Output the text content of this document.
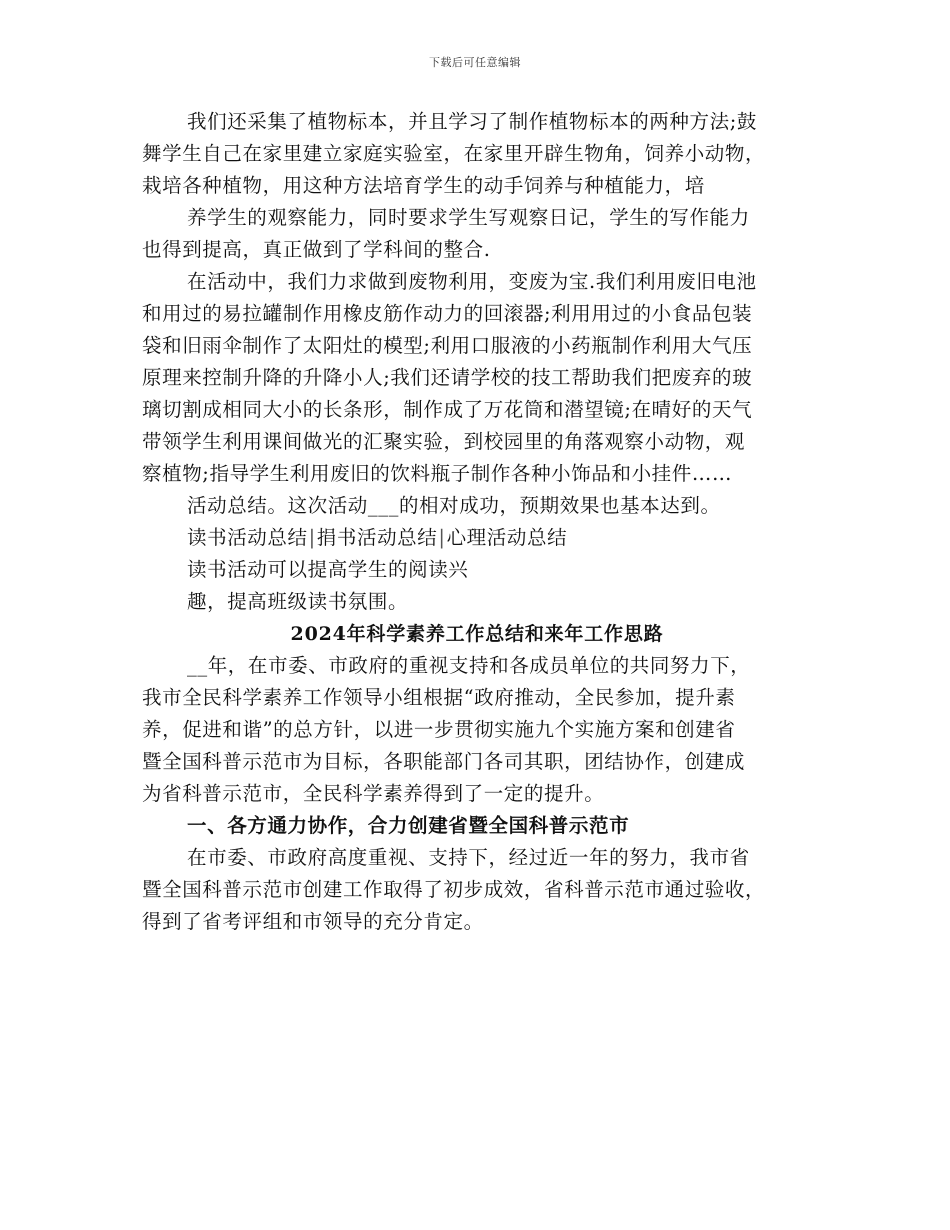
下载后可任意编辑
我们还采集了植物标本，并且学习了制作植物标本的两种方法;鼓
舞学生自己在家里建立家庭实验室，在家里开辟生物角，饲养小动物，
栽培各种植物，用这种方法培育学生的动手饲养与种植能力，培
养学生的观察能力，同时要求学生写观察日记，学生的写作能力
也得到提高，真正做到了学科间的整合.
在活动中，我们力求做到废物利用，变废为宝.我们利用废旧电池
和用过的易拉罐制作用橡皮筋作动力的回滚器;利用用过的小食品包装
袋和旧雨伞制作了太阳灶的模型;利用口服液的小药瓶制作利用大气压
原理来控制升降的升降小人;我们还请学校的技工帮助我们把废弃的玻
璃切割成相同大小的长条形，制作成了万花筒和潜望镜;在晴好的天气
带领学生利用课间做光的汇聚实验，到校园里的角落观察小动物，观
察植物;指导学生利用废旧的饮料瓶子制作各种小饰品和小挂件……
活动总结。这次活动___的相对成功，预期效果也基本达到。
读书活动总结|捐书活动总结|心理活动总结
读书活动可以提高学生的阅读兴
趣，提高班级读书氛围。
2024年科学素养工作总结和来年工作思路
__年，在市委、市政府的重视支持和各成员单位的共同努力下，
我市全民科学素养工作领导小组根据“政府推动，全民参加，提升素
养，促进和谐”的总方针，以进一步贯彻实施九个实施方案和创建省
暨全国科普示范市为目标，各职能部门各司其职，团结协作，创建成
为省科普示范市，全民科学素养得到了一定的提升。
一、各方通力协作，合力创建省暨全国科普示范市
在市委、市政府高度重视、支持下，经过近一年的努力，我市省
暨全国科普示范市创建工作取得了初步成效，省科普示范市通过验收，
得到了省考评组和市领导的充分肯定。
